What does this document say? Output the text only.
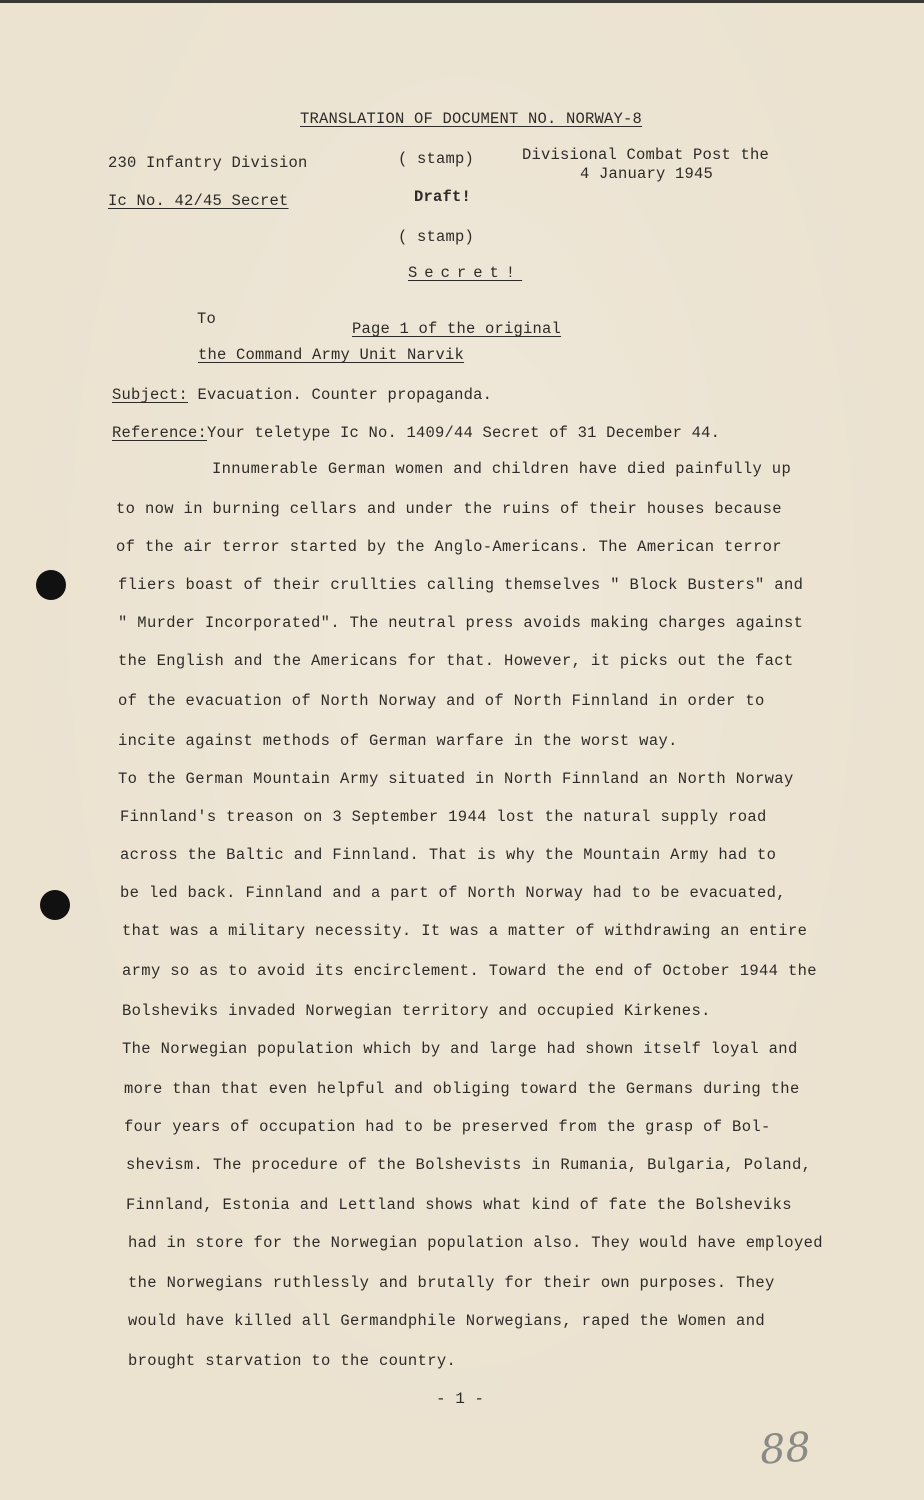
TRANSLATION OF DOCUMENT NO. NORWAY-8
230 Infantry Division
Ic No. 42/45 Secret
( stamp)
Draft!
( stamp)
Divisional Combat Post the
4 January 1945
Secret!
To
Page 1 of the original
the Command Army Unit Narvik
Subject: Evacuation. Counter propaganda.
Reference:Your teletype Ic No. 1409/44 Secret of 31 December 44.
Innumerable German women and children have died painfully up
to now in burning cellars and under the ruins of their houses because
of the air terror started by the Anglo-Americans. The American terror
fliers boast of their crullties calling themselves " Block Busters" and
" Murder Incorporated". The neutral press avoids making charges against
the English and the Americans for that. However, it picks out the fact
of the evacuation of North Norway and of North Finnland in order to
incite against methods of German warfare in the worst way.
To the German Mountain Army situated in North Finnland an North Norway
Finnland's treason on 3 September 1944 lost the natural supply road
across the Baltic and Finnland. That is why the Mountain Army had to
be led back. Finnland and a part of North Norway had to be evacuated,
that was a military necessity. It was a matter of withdrawing an entire
army so as to avoid its encirclement. Toward the end of October 1944 the
Bolsheviks invaded Norwegian territory and occupied Kirkenes.
The Norwegian population which by and large had shown itself loyal and
more than that even helpful and obliging toward the Germans during the
four years of occupation had to be preserved from the grasp of Bol-
shevism. The procedure of the Bolshevists in Rumania, Bulgaria, Poland,
Finnland, Estonia and Lettland shows what kind of fate the Bolsheviks
had in store for the Norwegian population also. They would have employed
the Norwegians ruthlessly and brutally for their own purposes. They
would have killed all Germandphile Norwegians, raped the Women and
brought starvation to the country.
- 1 -
88
